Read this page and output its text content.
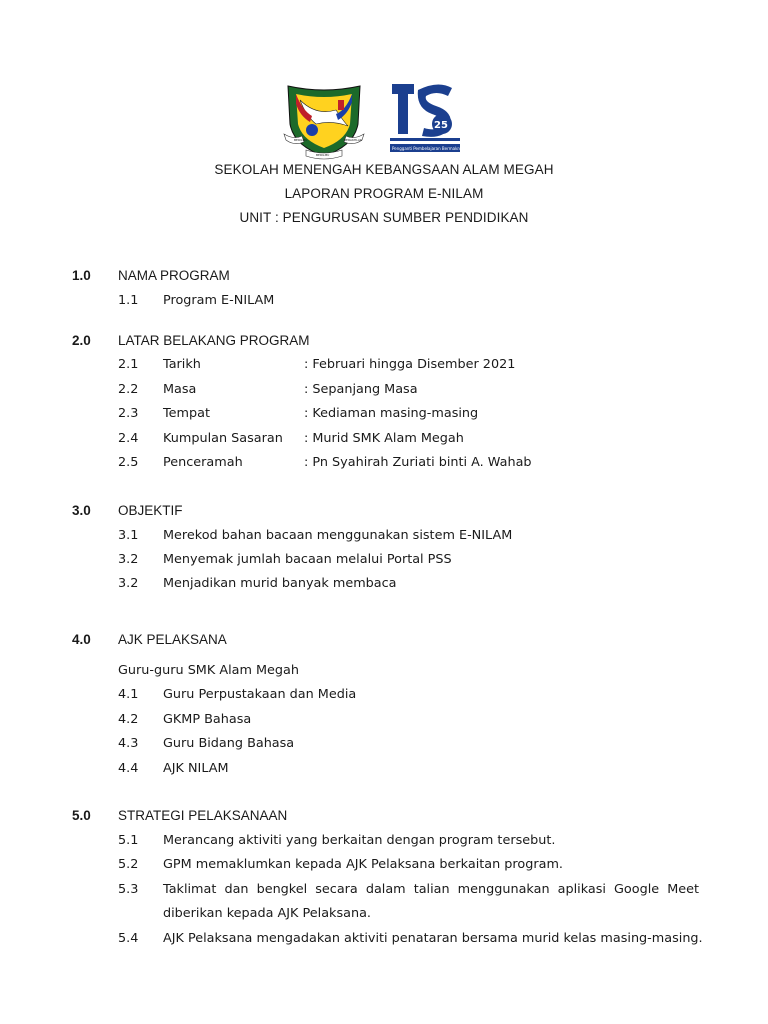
BERILMU	BERAKHLAK
BERILMU
25
Pengganti Pembelajaran Bermakna
SEKOLAH MENENGAH KEBANGSAAN ALAM MEGAH
LAPORAN PROGRAM E-NILAM
UNIT : PENGURUSAN SUMBER PENDIDIKAN
1.0 NAMA PROGRAM
1.1 Program E-NILAM
2.0 LATAR BELAKANG PROGRAM
2.1 Tarikh	: Februari hingga Disember 2021
2.2 Masa	: Sepanjang Masa
2.3 Tempat	: Kediaman masing-masing
2.4 Kumpulan Sasaran : Murid SMK Alam Megah
2.5 Penceramah	: Pn Syahirah Zuriati binti A. Wahab
3.0 OBJEKTIF
3.1 Merekod bahan bacaan menggunakan sistem E-NILAM
3.2 Menyemak jumlah bacaan melalui Portal PSS
3.2 Menjadikan murid banyak membaca
4.0 AJK PELAKSANA
Guru-guru SMK Alam Megah
4.1 Guru Perpustakaan dan Media
4.2 GKMP Bahasa
4.3 Guru Bidang Bahasa
4.4 AJK NILAM
5.0 STRATEGI PELAKSANAAN
5.1 Merancang aktiviti yang berkaitan dengan program tersebut.
5.2 GPM memaklumkan kepada AJK Pelaksana berkaitan program.
5.3 Taklimat dan bengkel secara dalam talian menggunakan aplikasi Google Meet
diberikan kepada AJK Pelaksana.
5.4 AJK Pelaksana mengadakan aktiviti penataran bersama murid kelas masing-masing.
